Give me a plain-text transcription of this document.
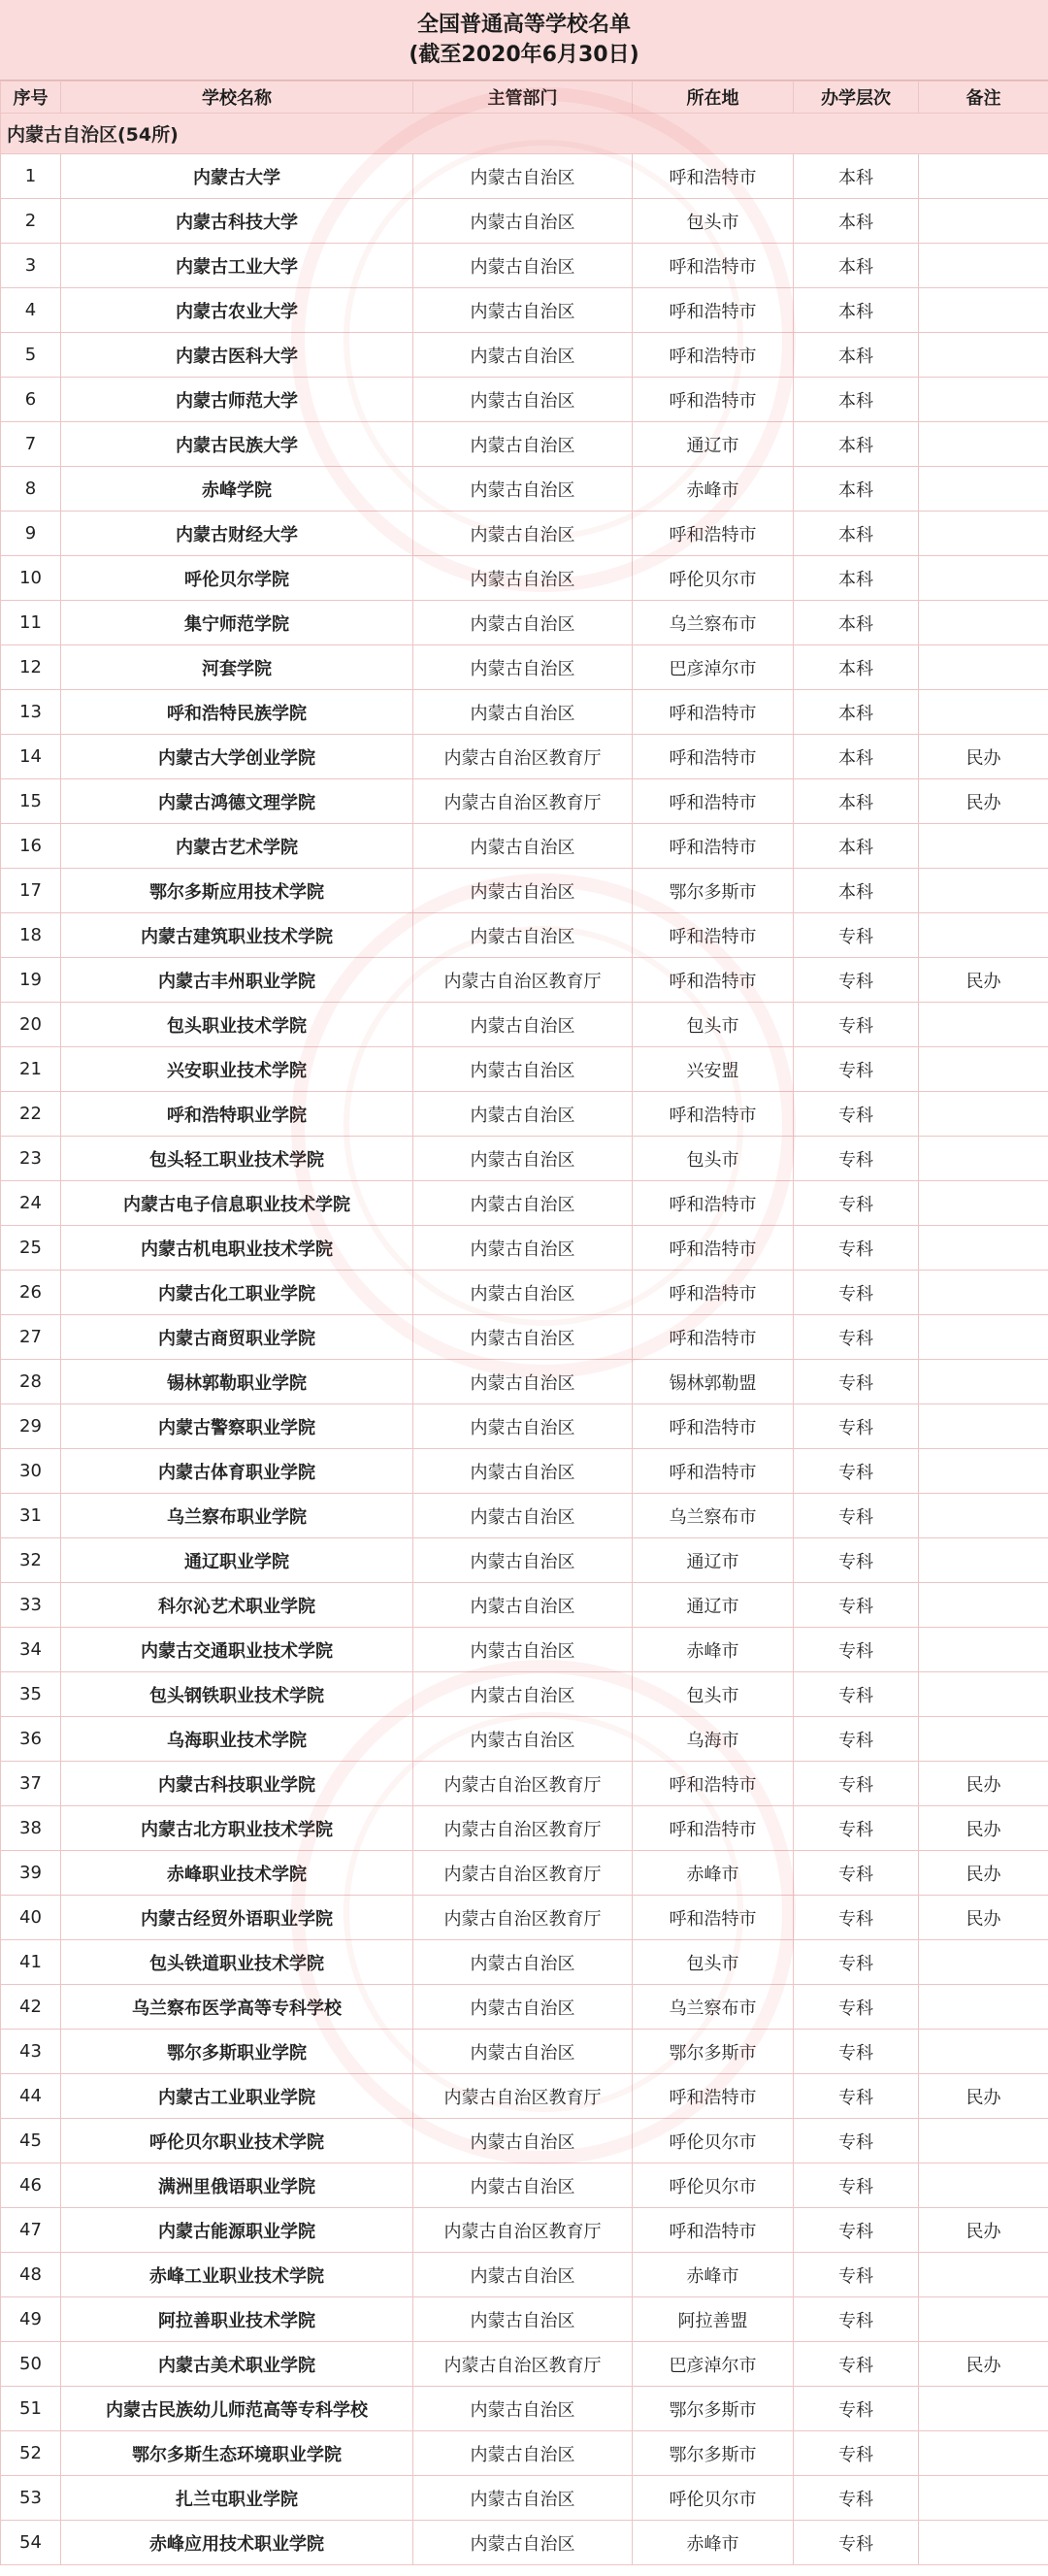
全国普通高等学校名单
(截至2020年6月30日)
序号	学校名称	主管部门	所在地	办学层次	备注
内蒙古自治区(54所)					
1	内蒙古大学	内蒙古自治区	呼和浩特市	本科	
2	内蒙古科技大学	内蒙古自治区	包头市	本科	
3	内蒙古工业大学	内蒙古自治区	呼和浩特市	本科	
4	内蒙古农业大学	内蒙古自治区	呼和浩特市	本科	
5	内蒙古医科大学	内蒙古自治区	呼和浩特市	本科	
6	内蒙古师范大学	内蒙古自治区	呼和浩特市	本科	
7	内蒙古民族大学	内蒙古自治区	通辽市	本科	
8	赤峰学院	内蒙古自治区	赤峰市	本科	
9	内蒙古财经大学	内蒙古自治区	呼和浩特市	本科	
10	呼伦贝尔学院	内蒙古自治区	呼伦贝尔市	本科	
11	集宁师范学院	内蒙古自治区	乌兰察布市	本科	
12	河套学院	内蒙古自治区	巴彦淖尔市	本科	
13	呼和浩特民族学院	内蒙古自治区	呼和浩特市	本科	
14	内蒙古大学创业学院	内蒙古自治区教育厅	呼和浩特市	本科	民办
15	内蒙古鸿德文理学院	内蒙古自治区教育厅	呼和浩特市	本科	民办
16	内蒙古艺术学院	内蒙古自治区	呼和浩特市	本科	
17	鄂尔多斯应用技术学院	内蒙古自治区	鄂尔多斯市	本科	
18	内蒙古建筑职业技术学院	内蒙古自治区	呼和浩特市	专科	
19	内蒙古丰州职业学院	内蒙古自治区教育厅	呼和浩特市	专科	民办
20	包头职业技术学院	内蒙古自治区	包头市	专科	
21	兴安职业技术学院	内蒙古自治区	兴安盟	专科	
22	呼和浩特职业学院	内蒙古自治区	呼和浩特市	专科	
23	包头轻工职业技术学院	内蒙古自治区	包头市	专科	
24	内蒙古电子信息职业技术学院	内蒙古自治区	呼和浩特市	专科	
25	内蒙古机电职业技术学院	内蒙古自治区	呼和浩特市	专科	
26	内蒙古化工职业学院	内蒙古自治区	呼和浩特市	专科	
27	内蒙古商贸职业学院	内蒙古自治区	呼和浩特市	专科	
28	锡林郭勒职业学院	内蒙古自治区	锡林郭勒盟	专科	
29	内蒙古警察职业学院	内蒙古自治区	呼和浩特市	专科	
30	内蒙古体育职业学院	内蒙古自治区	呼和浩特市	专科	
31	乌兰察布职业学院	内蒙古自治区	乌兰察布市	专科	
32	通辽职业学院	内蒙古自治区	通辽市	专科	
33	科尔沁艺术职业学院	内蒙古自治区	通辽市	专科	
34	内蒙古交通职业技术学院	内蒙古自治区	赤峰市	专科	
35	包头钢铁职业技术学院	内蒙古自治区	包头市	专科	
36	乌海职业技术学院	内蒙古自治区	乌海市	专科	
37	内蒙古科技职业学院	内蒙古自治区教育厅	呼和浩特市	专科	民办
38	内蒙古北方职业技术学院	内蒙古自治区教育厅	呼和浩特市	专科	民办
39	赤峰职业技术学院	内蒙古自治区教育厅	赤峰市	专科	民办
40	内蒙古经贸外语职业学院	内蒙古自治区教育厅	呼和浩特市	专科	民办
41	包头铁道职业技术学院	内蒙古自治区	包头市	专科	
42	乌兰察布医学高等专科学校	内蒙古自治区	乌兰察布市	专科	
43	鄂尔多斯职业学院	内蒙古自治区	鄂尔多斯市	专科	
44	内蒙古工业职业学院	内蒙古自治区教育厅	呼和浩特市	专科	民办
45	呼伦贝尔职业技术学院	内蒙古自治区	呼伦贝尔市	专科	
46	满洲里俄语职业学院	内蒙古自治区	呼伦贝尔市	专科	
47	内蒙古能源职业学院	内蒙古自治区教育厅	呼和浩特市	专科	民办
48	赤峰工业职业技术学院	内蒙古自治区	赤峰市	专科	
49	阿拉善职业技术学院	内蒙古自治区	阿拉善盟	专科	
50	内蒙古美术职业学院	内蒙古自治区教育厅	巴彦淖尔市	专科	民办
51	内蒙古民族幼儿师范高等专科学校	内蒙古自治区	鄂尔多斯市	专科	
52	鄂尔多斯生态环境职业学院	内蒙古自治区	鄂尔多斯市	专科	
53	扎兰屯职业学院	内蒙古自治区	呼伦贝尔市	专科	
54	赤峰应用技术职业学院	内蒙古自治区	赤峰市	专科	
